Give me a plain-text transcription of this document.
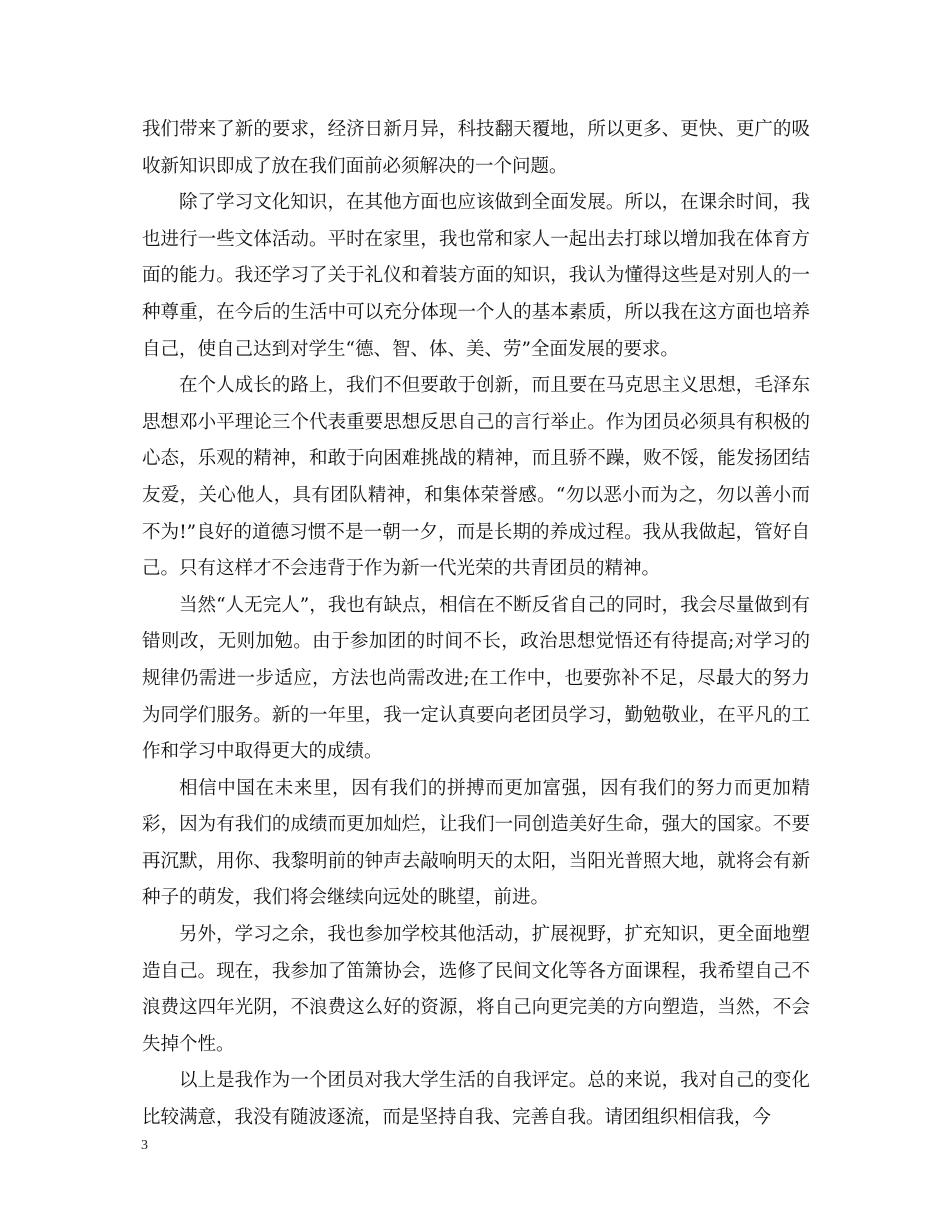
我们带来了新的要求，经济日新月异，科技翻天覆地，所以更多、更快、更广的吸收新知识即成了放在我们面前必须解决的一个问题。

除了学习文化知识，在其他方面也应该做到全面发展。所以，在课余时间，我也进行一些文体活动。平时在家里，我也常和家人一起出去打球以增加我在体育方面的能力。我还学习了关于礼仪和着装方面的知识，我认为懂得这些是对别人的一种尊重，在今后的生活中可以充分体现一个人的基本素质，所以我在这方面也培养自己，使自己达到对学生“德、智、体、美、劳”全面发展的要求。

在个人成长的路上，我们不但要敢于创新，而且要在马克思主义思想，毛泽东思想邓小平理论三个代表重要思想反思自己的言行举止。作为团员必须具有积极的心态，乐观的精神，和敢于向困难挑战的精神，而且骄不躁，败不馁，能发扬团结友爱，关心他人，具有团队精神，和集体荣誉感。“勿以恶小而为之，勿以善小而不为!”良好的道德习惯不是一朝一夕，而是长期的养成过程。我从我做起，管好自己。只有这样才不会违背于作为新一代光荣的共青团员的精神。

当然“人无完人”，我也有缺点，相信在不断反省自己的同时，我会尽量做到有错则改，无则加勉。由于参加团的时间不长，政治思想觉悟还有待提高;对学习的规律仍需进一步适应，方法也尚需改进;在工作中，也要弥补不足，尽最大的努力为同学们服务。新的一年里，我一定认真要向老团员学习，勤勉敬业，在平凡的工作和学习中取得更大的成绩。

相信中国在未来里，因有我们的拼搏而更加富强，因有我们的努力而更加精彩，因为有我们的成绩而更加灿烂，让我们一同创造美好生命，强大的国家。不要再沉默，用你、我黎明前的钟声去敲响明天的太阳，当阳光普照大地，就将会有新种子的萌发，我们将会继续向远处的眺望，前进。

另外，学习之余，我也参加学校其他活动，扩展视野，扩充知识，更全面地塑造自己。现在，我参加了笛箫协会，选修了民间文化等各方面课程，我希望自己不浪费这四年光阴，不浪费这么好的资源，将自己向更完美的方向塑造，当然，不会失掉个性。

以上是我作为一个团员对我大学生活的自我评定。总的来说，我对自己的变化比较满意，我没有随波逐流，而是坚持自我、完善自我。请团组织相信我，今

3
